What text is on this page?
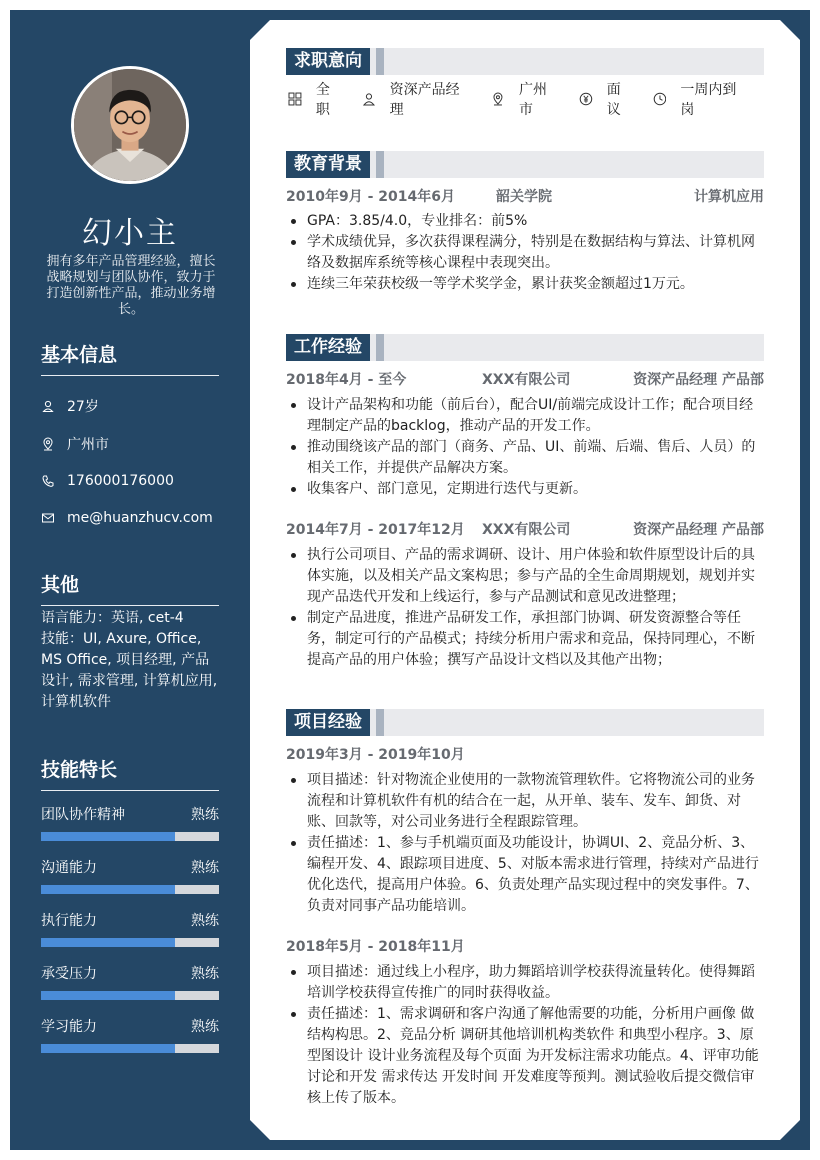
幻小主
拥有多年产品管理经验，擅长战略规划与团队协作，致力于打造创新性产品，推动业务增长。
基本信息
27岁
广州市
176000176000
me@huanzhucv.com
其他
语言能力：英语, cet-4
技能：UI, Axure, Office, MS Office, 项目经理, 产品设计, 需求管理, 计算机应用, 计算机软件
技能特长
团队协作精神	熟练
沟通能力	熟练
执行能力	熟练
承受压力	熟练
学习能力	熟练
求职意向
全职
资深产品经理
广州市
面议
一周内到岗
教育背景
2010年9月 - 2014年6月	韶关学院	计算机应用
GPA：3.85/4.0，专业排名：前5%
学术成绩优异，多次获得课程满分，特别是在数据结构与算法、计算机网络及数据库系统等核心课程中表现突出。
连续三年荣获校级一等学术奖学金，累计获奖金额超过1万元。
工作经验
2018年4月 - 至今	XXX有限公司	资深产品经理 产品部
设计产品架构和功能（前后台），配合UI/前端完成设计工作；配合项目经理制定产品的backlog，推动产品的开发工作。
推动围绕该产品的部门（商务、产品、UI、前端、后端、售后、人员）的相关工作，并提供产品解决方案。
收集客户、部门意见，定期进行迭代与更新。
2014年7月 - 2017年12月 XXX有限公司	资深产品经理 产品部
执行公司项目、产品的需求调研、设计、用户体验和软件原型设计后的具体实施，以及相关产品文案构思；参与产品的全生命周期规划，规划并实现产品迭代开发和上线运行，参与产品测试和意见改进整理；
制定产品进度，推进产品研发工作，承担部门协调、研发资源整合等任务，制定可行的产品模式；持续分析用户需求和竞品，保持同理心，不断提高产品的用户体验；撰写产品设计文档以及其他产出物；
项目经验
2019年3月 - 2019年10月
项目描述：针对物流企业使用的一款物流管理软件。它将物流公司的业务流程和计算机软件有机的结合在一起，从开单、装车、发车、卸货、对账、回款等，对公司业务进行全程跟踪管理。
责任描述：1、参与手机端页面及功能设计，协调UI、2、竞品分析、3、编程开发、4、跟踪项目进度、5、对版本需求进行管理，持续对产品进行优化迭代，提高用户体验。6、负责处理产品实现过程中的突发事件。7、负责对同事产品功能培训。
2018年5月 - 2018年11月
项目描述：通过线上小程序，助力舞蹈培训学校获得流量转化。使得舞蹈培训学校获得宣传推广的同时获得收益。
责任描述：1、需求调研和客户沟通了解他需要的功能，分析用户画像 做结构构思。2、竞品分析 调研其他培训机构类软件 和典型小程序。3、原型图设计 设计业务流程及每个页面 为开发标注需求功能点。4、评审功能讨论和开发 需求传达 开发时间 开发难度等预判。测试验收后提交微信审核上传了版本。
